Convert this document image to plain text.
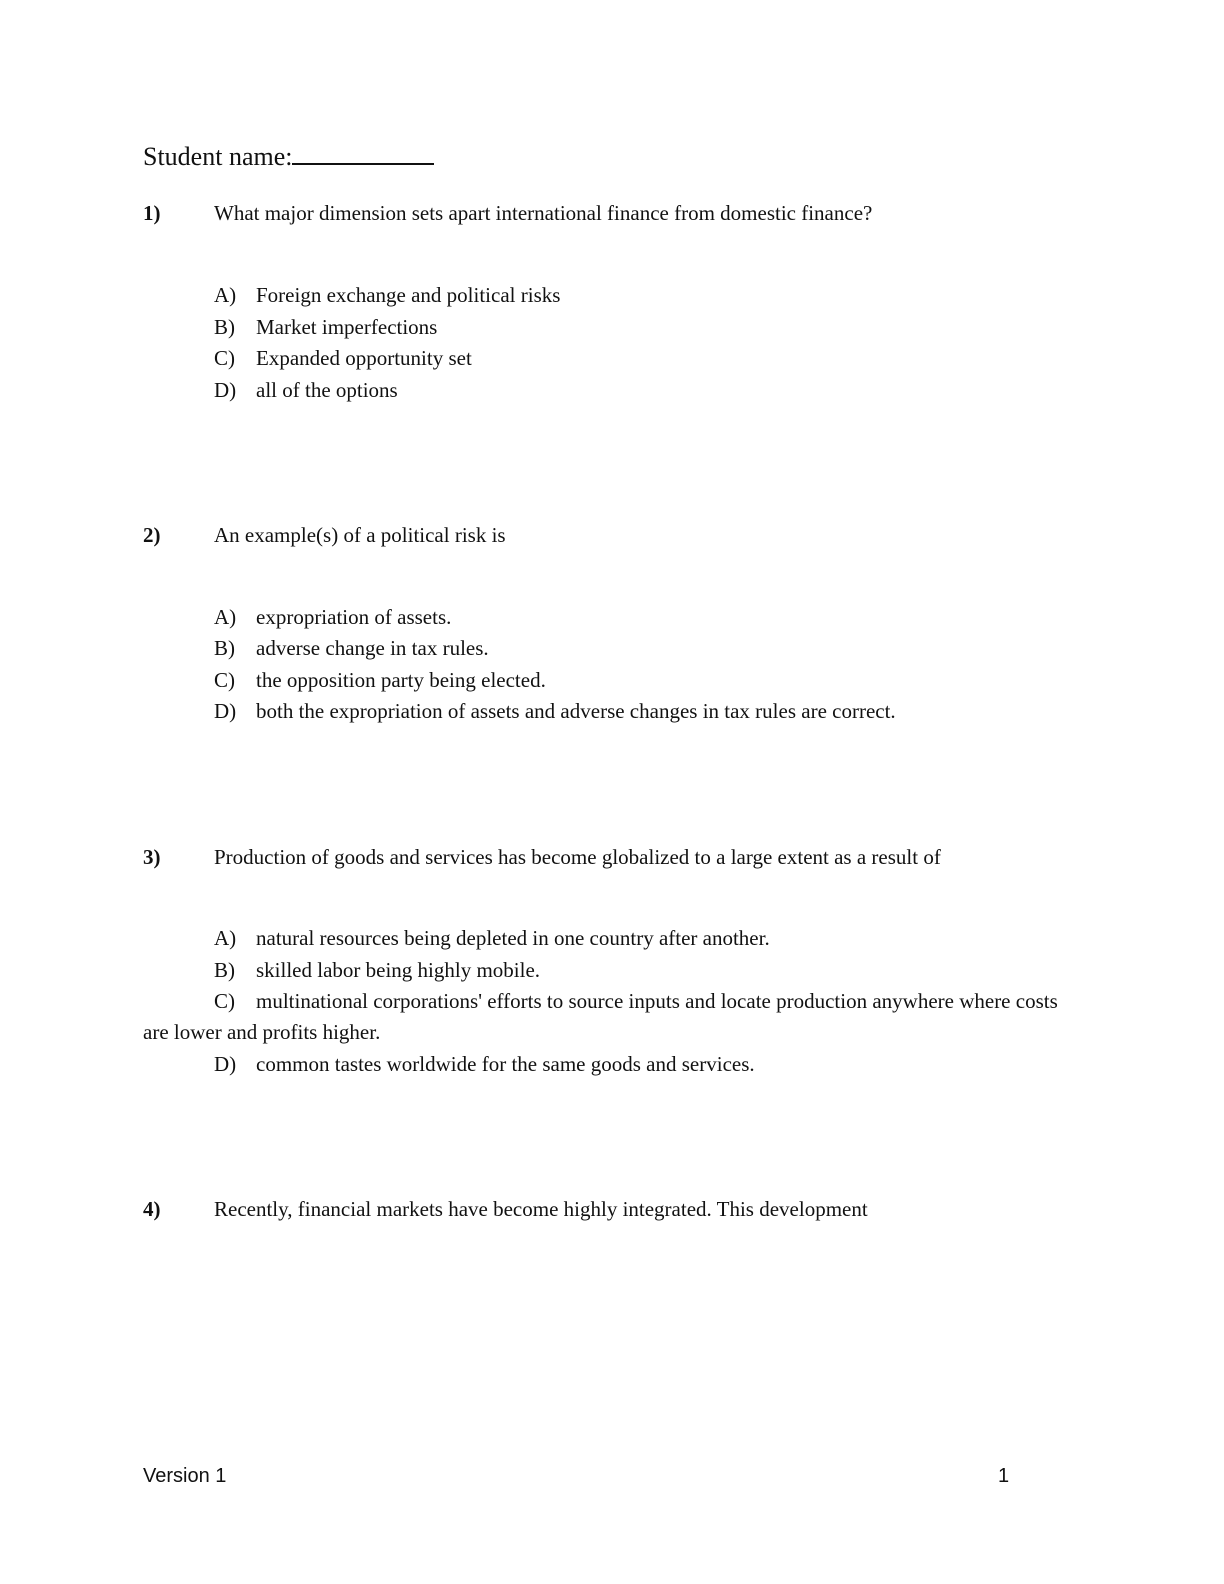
Student name:
1)	What major dimension sets apart international finance from domestic finance?
A) Foreign exchange and political risks
B) Market imperfections
C) Expanded opportunity set
D) all of the options
2)	An example(s) of a political risk is
A) expropriation of assets.
B) adverse change in tax rules.
C) the opposition party being elected.
D) both the expropriation of assets and adverse changes in tax rules are correct.
3)	Production of goods and services has become globalized to a large extent as a result of
A) natural resources being depleted in one country after another.
B) skilled labor being highly mobile.
C) multinational corporations' efforts to source inputs and locate production anywhere where costs are lower and profits higher.
D) common tastes worldwide for the same goods and services.
4)	Recently, financial markets have become highly integrated. This development
Version 1	1
